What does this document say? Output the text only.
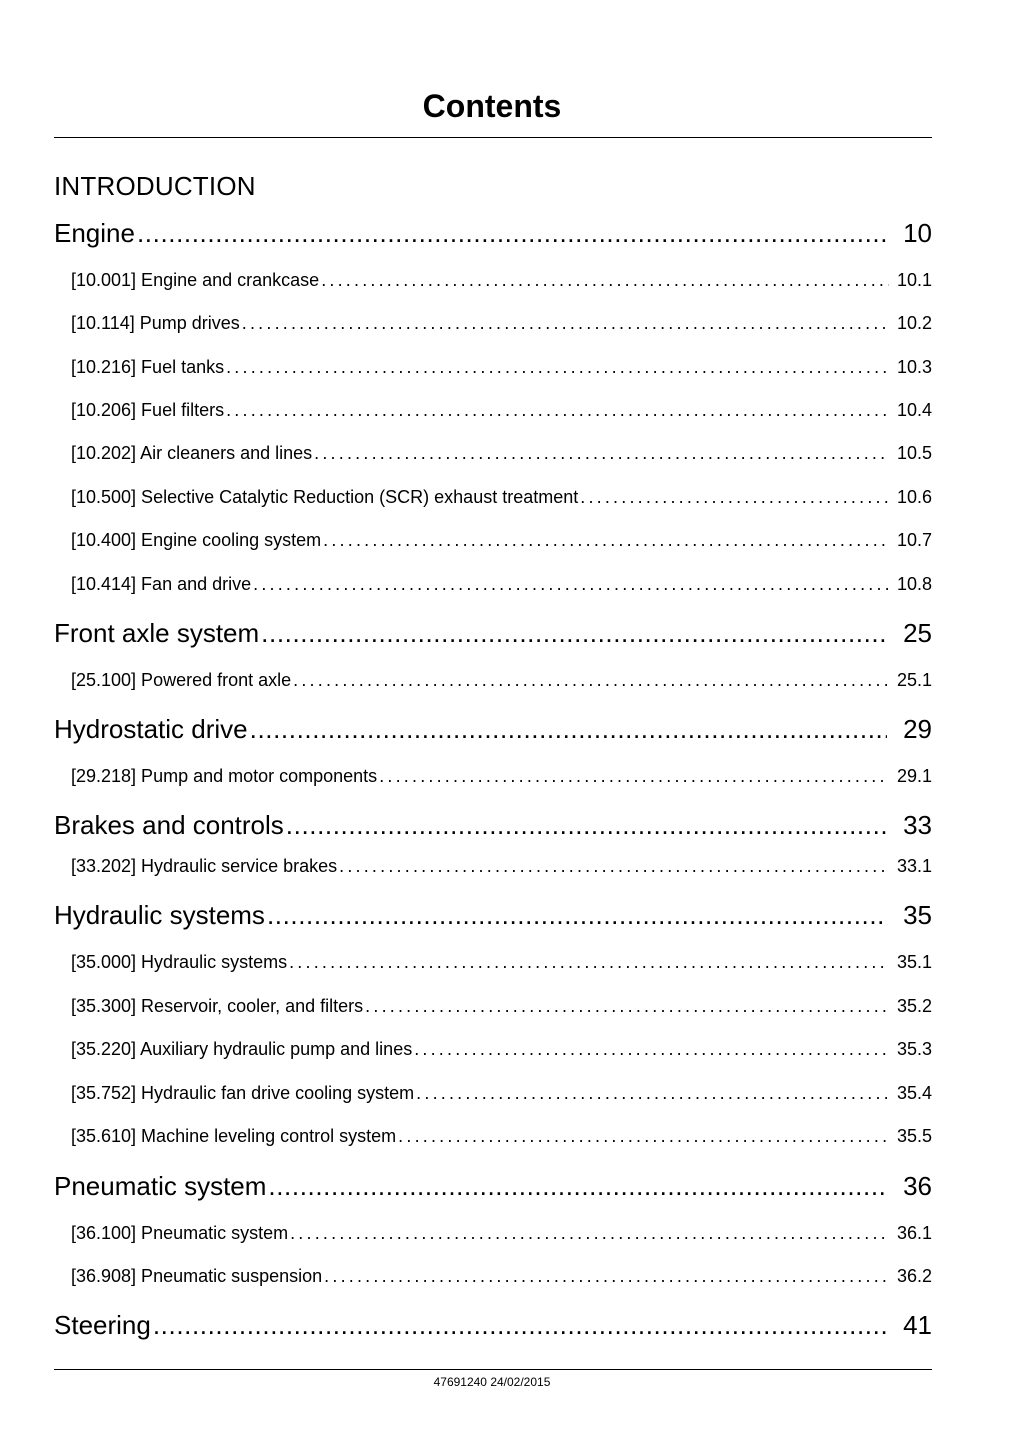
Contents
INTRODUCTION
Engine .....	10
[10.001] Engine and crankcase . . .	10.1
[10.114] Pump drives . . .	10.2
[10.216] Fuel tanks . . .	10.3
[10.206] Fuel filters . . .	10.4
[10.202] Air cleaners and lines . . .	10.5
[10.500] Selective Catalytic Reduction (SCR) exhaust treatment . . .	10.6
[10.400] Engine cooling system . . .	10.7
[10.414] Fan and drive . . .	10.8
Front axle system .....	25
[25.100] Powered front axle . . .	25.1
Hydrostatic drive .....	29
[29.218] Pump and motor components . . .	29.1
Brakes and controls .....	33
[33.202] Hydraulic service brakes . . .	33.1
Hydraulic systems .....	35
[35.000] Hydraulic systems . . .	35.1
[35.300] Reservoir, cooler, and filters . . .	35.2
[35.220] Auxiliary hydraulic pump and lines . . .	35.3
[35.752] Hydraulic fan drive cooling system . . .	35.4
[35.610] Machine leveling control system . . .	35.5
Pneumatic system .....	36
[36.100] Pneumatic system . . .	36.1
[36.908] Pneumatic suspension . . .	36.2
Steering .....	41
47691240 24/02/2015
